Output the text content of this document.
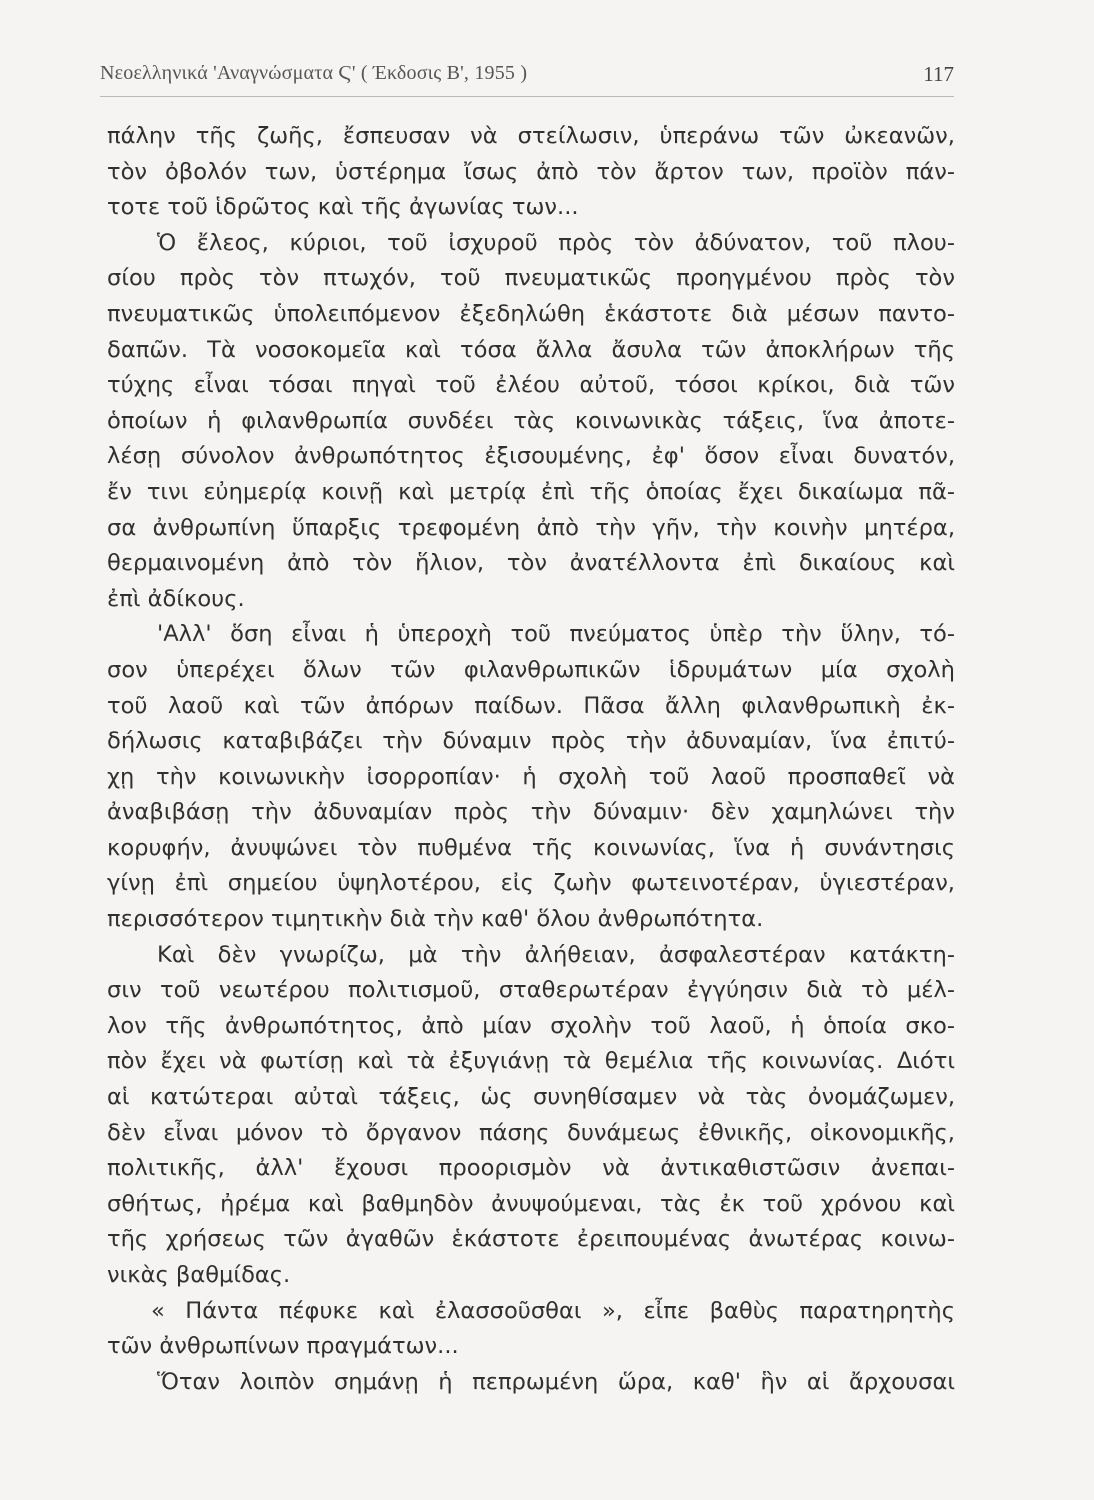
Νεοελληνικά 'Αναγνώσματα Ϛ' ( Έκδοσις Β', 1955 )	117
πάλην τῆς ζωῆς, ἔσπευσαν νὰ στείλωσιν, ὑπεράνω τῶν ὠκεανῶν,
τὸν ὀβολόν των, ὑστέρημα ἴσως ἀπὸ τὸν ἄρτον των, προϊὸν πάν-
τοτε τοῦ ἱδρῶτος καὶ τῆς ἀγωνίας των...
Ὁ ἔλεος, κύριοι, τοῦ ἰσχυροῦ πρὸς τὸν ἀδύνατον, τοῦ πλου-
σίου πρὸς τὸν πτωχόν, τοῦ πνευματικῶς προηγμένου πρὸς τὸν
πνευματικῶς ὑπολειπόμενον ἐξεδηλώθη ἑκάστοτε διὰ μέσων παντο-
δαπῶν. Τὰ νοσοκομεῖα καὶ τόσα ἄλλα ἄσυλα τῶν ἀποκλήρων τῆς
τύχης εἶναι τόσαι πηγαὶ τοῦ ἐλέου αὐτοῦ, τόσοι κρίκοι, διὰ τῶν
ὁποίων ἡ φιλανθρωπία συνδέει τὰς κοινωνικὰς τάξεις, ἵνα ἀποτε-
λέσῃ σύνολον ἀνθρωπότητος ἐξισουμένης, ἐφ' ὅσον εἶναι δυνατόν,
ἔν τινι εὐημερίᾳ κοινῇ καὶ μετρίᾳ ἐπὶ τῆς ὁποίας ἔχει δικαίωμα πᾶ-
σα ἀνθρωπίνη ὕπαρξις τρεφομένη ἀπὸ τὴν γῆν, τὴν κοινὴν μητέρα,
θερμαινομένη ἀπὸ τὸν ἥλιον, τὸν ἀνατέλλοντα ἐπὶ δικαίους καὶ
ἐπὶ ἀδίκους.
'Αλλ' ὅση εἶναι ἡ ὑπεροχὴ τοῦ πνεύματος ὑπὲρ τὴν ὕλην, τό-
σον ὑπερέχει ὅλων τῶν φιλανθρωπικῶν ἱδρυμάτων μία σχολὴ
τοῦ λαοῦ καὶ τῶν ἀπόρων παίδων. Πᾶσα ἄλλη φιλανθρωπικὴ ἐκ-
δήλωσις καταβιβάζει τὴν δύναμιν πρὸς τὴν ἀδυναμίαν, ἵνα ἐπιτύ-
χῃ τὴν κοινωνικὴν ἰσορροπίαν· ἡ σχολὴ τοῦ λαοῦ προσπαθεῖ νὰ
ἀναβιβάσῃ τὴν ἀδυναμίαν πρὸς τὴν δύναμιν· δὲν χαμηλώνει τὴν
κορυφήν, ἀνυψώνει τὸν πυθμένα τῆς κοινωνίας, ἵνα ἡ συνάντησις
γίνῃ ἐπὶ σημείου ὑψηλοτέρου, εἰς ζωὴν φωτεινοτέραν, ὑγιεστέραν,
περισσότερον τιμητικὴν διὰ τὴν καθ' ὅλου ἀνθρωπότητα.
Καὶ δὲν γνωρίζω, μὰ τὴν ἀλήθειαν, ἀσφαλεστέραν κατάκτη-
σιν τοῦ νεωτέρου πολιτισμοῦ, σταθερωτέραν ἐγγύησιν διὰ τὸ μέλ-
λον τῆς ἀνθρωπότητος, ἀπὸ μίαν σχολὴν τοῦ λαοῦ, ἡ ὁποία σκο-
πὸν ἔχει νὰ φωτίσῃ καὶ τὰ ἐξυγιάνῃ τὰ θεμέλια τῆς κοινωνίας. Διότι
αἱ κατώτεραι αὐταὶ τάξεις, ὡς συνηθίσαμεν νὰ τὰς ὀνομάζωμεν,
δὲν εἶναι μόνον τὸ ὄργανον πάσης δυνάμεως ἐθνικῆς, οἰκονομικῆς,
πολιτικῆς, ἀλλ' ἔχουσι προορισμὸν νὰ ἀντικαθιστῶσιν ἀνεπαι-
σθήτως, ἠρέμα καὶ βαθμηδὸν ἀνυψούμεναι, τὰς ἐκ τοῦ χρόνου καὶ
τῆς χρήσεως τῶν ἀγαθῶν ἑκάστοτε ἐρειπουμένας ἀνωτέρας κοινω-
νικὰς βαθμίδας.
« Πάντα πέφυκε καὶ ἐλασσοῦσθαι », εἶπε βαθὺς παρατηρητὴς
τῶν ἀνθρωπίνων πραγμάτων...
Ὅταν λοιπὸν σημάνῃ ἡ πεπρωμένη ὥρα, καθ' ἣν αἱ ἄρχουσαι
